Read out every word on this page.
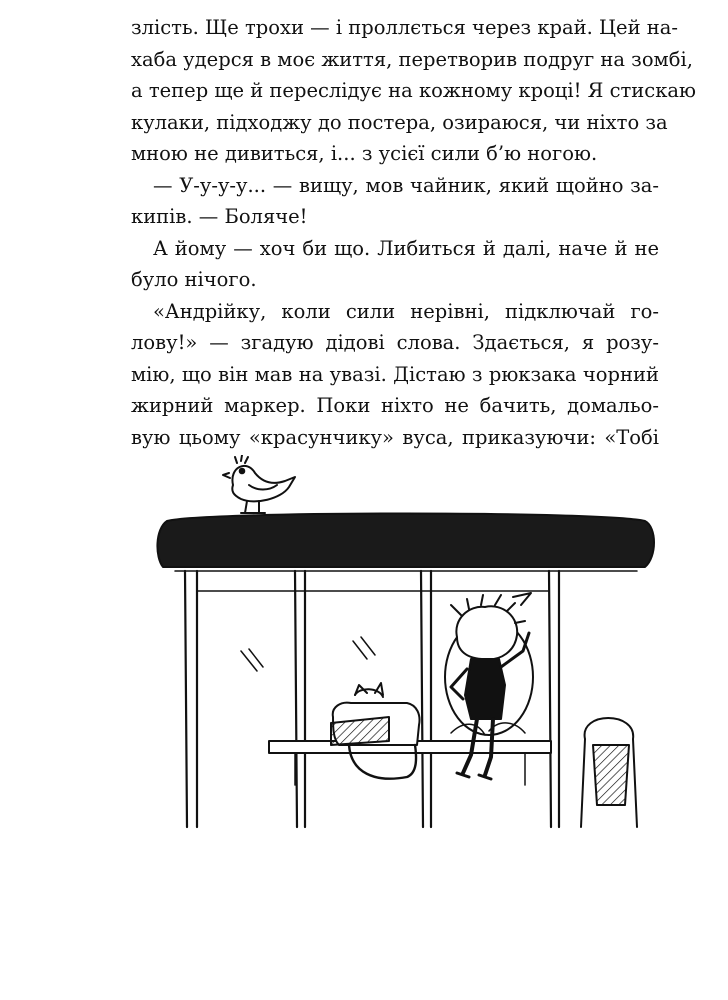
злість. Ще трохи — і проллється через край. Цей на-
хаба удерся в моє життя, перетворив подруг на зомбі,
а тепер ще й переслідує на кожному кроці! Я стискаю
кулаки, підходжу до постера, озираюся, чи ніхто за
мною не дивиться, і... з усієї сили б’ю ногою.
— У-у-у-у... — вищу, мов чайник, який щойно за-
кипів. — Боляче!
А йому — хоч би що. Либиться й далі, наче й не
було нічого.
«Андрійку, коли сили нерівні, підключай го-
лову!» — згадую дідові слова. Здається, я розу-
мію, що він мав на увазі. Дістаю з рюкзака чорний
жирний маркер. Поки ніхто не бачить, домальо-
вую цьому «красунчику» вуса, приказуючи: «Тобі
